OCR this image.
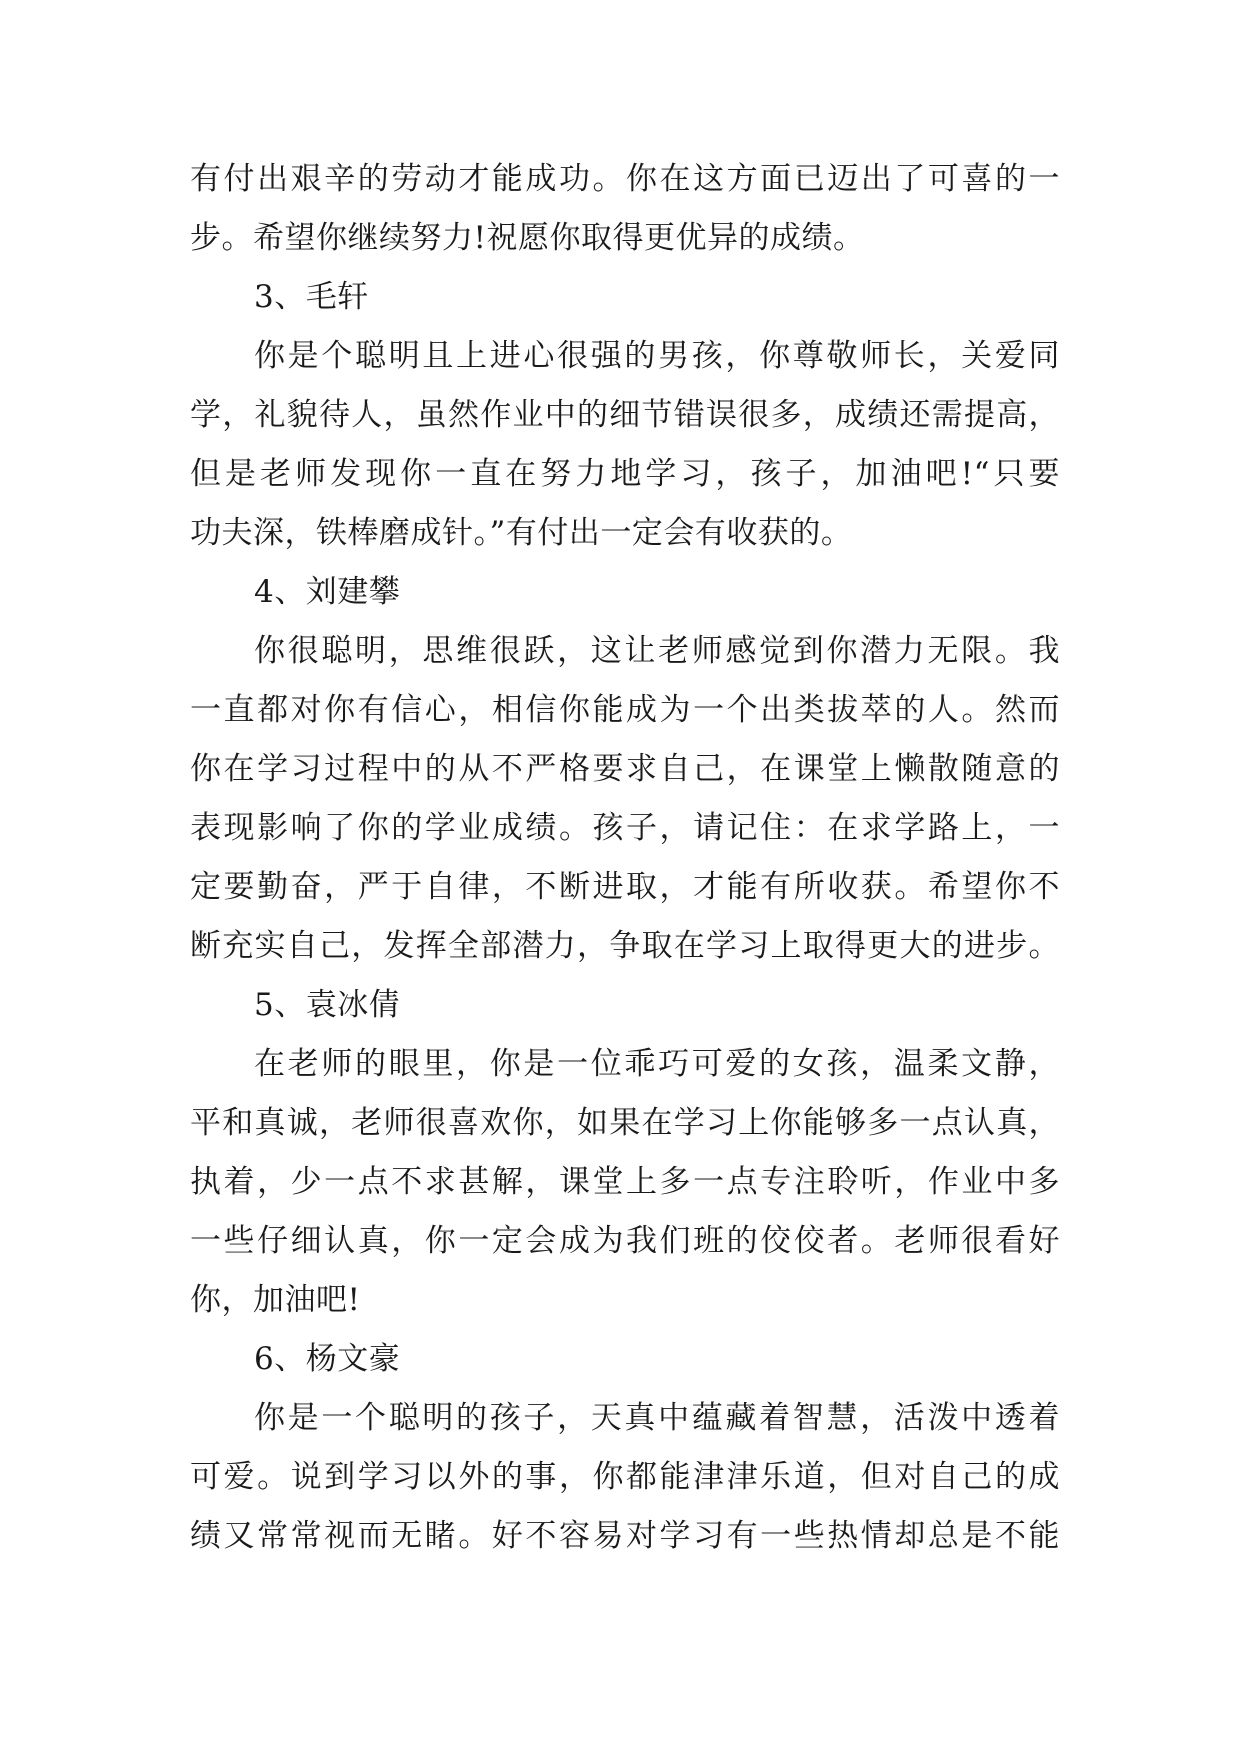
有付出艰辛的劳动才能成功。你在这方面已迈出了可喜的一
步。希望你继续努力!祝愿你取得更优异的成绩。
3、毛轩
你是个聪明且上进心很强的男孩，你尊敬师长，关爱同
学，礼貌待人，虽然作业中的细节错误很多，成绩还需提高，
但是老师发现你一直在努力地学习，孩子，加油吧!“只要
功夫深，铁棒磨成针。”有付出一定会有收获的。
4、刘建攀
你很聪明，思维很跃，这让老师感觉到你潜力无限。我
一直都对你有信心，相信你能成为一个出类拔萃的人。然而
你在学习过程中的从不严格要求自己，在课堂上懒散随意的
表现影响了你的学业成绩。孩子，请记住：在求学路上，一
定要勤奋，严于自律，不断进取，才能有所收获。希望你不
断充实自己，发挥全部潜力，争取在学习上取得更大的进步。
5、袁冰倩
在老师的眼里，你是一位乖巧可爱的女孩，温柔文静，
平和真诚，老师很喜欢你，如果在学习上你能够多一点认真，
执着，少一点不求甚解，课堂上多一点专注聆听，作业中多
一些仔细认真，你一定会成为我们班的佼佼者。老师很看好
你，加油吧!
6、杨文豪
你是一个聪明的孩子，天真中蕴藏着智慧，活泼中透着
可爱。说到学习以外的事，你都能津津乐道，但对自己的成
绩又常常视而无睹。好不容易对学习有一些热情却总是不能
